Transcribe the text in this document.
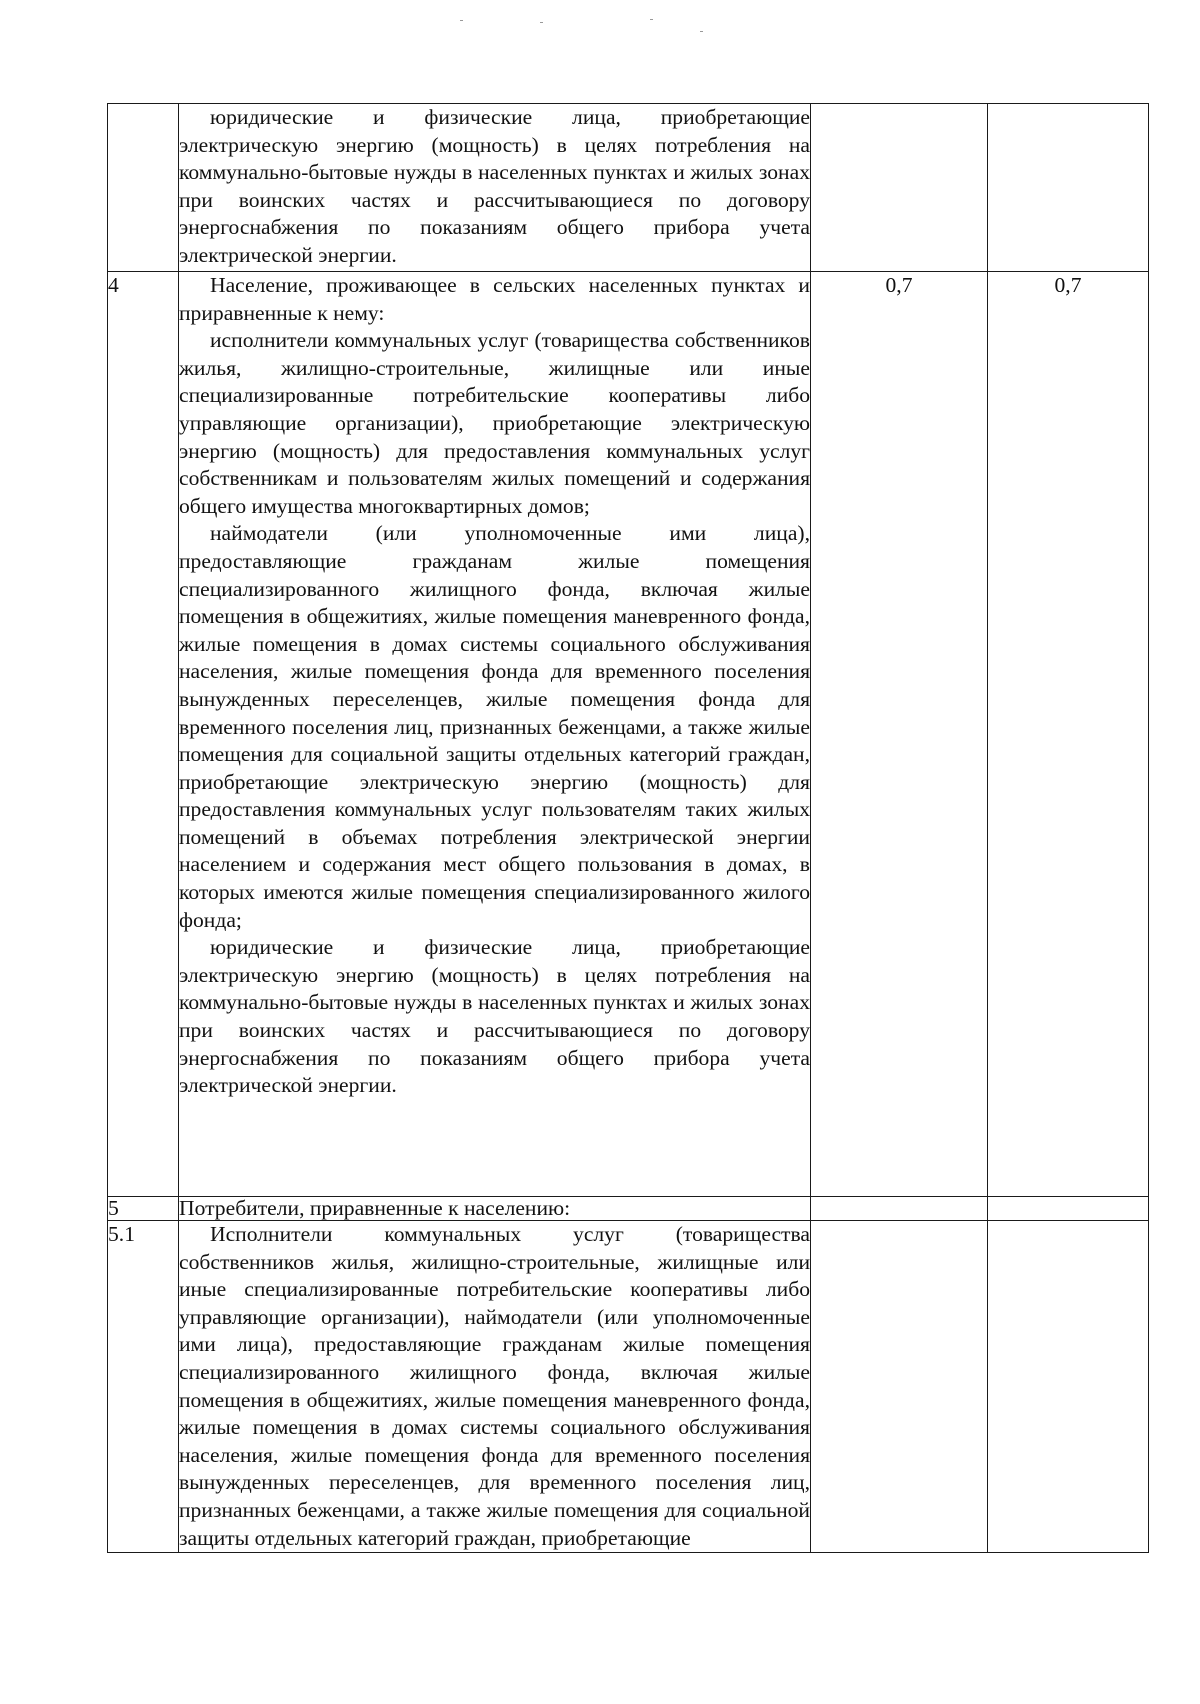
	юридические и физические лица, приобретающие электрическую энергию (мощность) в целях потребления на коммунально-бытовые нужды в населенных пунктах и жилых зонах при воинских частях и рассчитывающиеся по договору энергоснабжения по показаниям общего прибора учета электрической энергии.		

4	Население, проживающее в сельских населенных пунктах и приравненные к нему:
исполнители коммунальных услуг (товарищества собственников жилья, жилищно-строительные, жилищные или иные специализированные потребительские кооперативы либо управляющие организации), приобретающие электрическую энергию (мощность) для предоставления коммунальных услуг собственникам и пользователям жилых помещений и содержания общего имущества многоквартирных домов;
наймодатели (или уполномоченные ими лица), предоставляющие гражданам жилые помещения специализированного жилищного фонда, включая жилые помещения в общежитиях, жилые помещения маневренного фонда, жилые помещения в домах системы социального обслуживания населения, жилые помещения фонда для временного поселения вынужденных переселенцев, жилые помещения фонда для временного поселения лиц, признанных беженцами, а также жилые помещения для социальной защиты отдельных категорий граждан, приобретающие электрическую энергию (мощность) для предоставления коммунальных услуг пользователям таких жилых помещений в объемах потребления электрической энергии населением и содержания мест общего пользования в домах, в которых имеются жилые помещения специализированного жилого фонда;
юридические и физические лица, приобретающие электрическую энергию (мощность) в целях потребления на коммунально-бытовые нужды в населенных пунктах и жилых зонах при воинских частях и рассчитывающиеся по договору энергоснабжения по показаниям общего прибора учета электрической энергии.	0,7	0,7
5	Потребители, приравненные к населению:		

5.1	Исполнители коммунальных услуг (товарищества собственников жилья, жилищно-строительные, жилищные или иные специализированные потребительские кооперативы либо управляющие организации), наймодатели (или уполномоченные ими лица), предоставляющие гражданам жилые помещения специализированного жилищного фонда, включая жилые помещения в общежитиях, жилые помещения маневренного фонда, жилые помещения в домах системы социального обслуживания населения, жилые помещения фонда для временного поселения вынужденных переселенцев, для временного поселения лиц, признанных беженцами, а также жилые помещения для социальной защиты отдельных категорий граждан, приобретающие		
